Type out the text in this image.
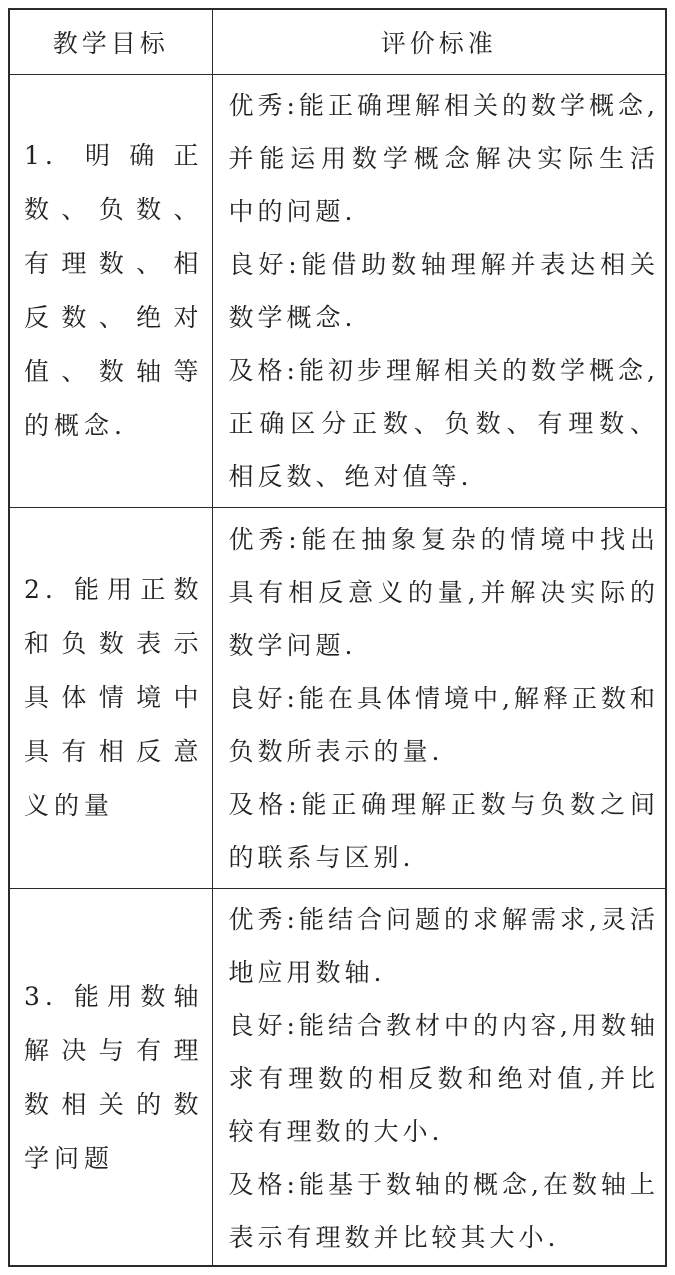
教学目标	评价标准
1. 明确正数、负数、有理数、相反数、绝对值、数轴等的概念.	优秀:能正确理解相关的数学概念,并能运用数学概念解决实际生活中的问题.

良好:能借助数轴理解并表达相关数学概念.

及格:能初步理解相关的数学概念,正确区分正数、负数、有理数、相反数、绝对值等.

2. 能用正数和负数表示具体情境中具有相反意义的量	优秀:能在抽象复杂的情境中找出具有相反意义的量,并解决实际的数学问题.

良好:能在具体情境中,解释正数和负数所表示的量.

及格:能正确理解正数与负数之间的联系与区别.

3. 能用数轴解决与有理数相关的数学问题	优秀:能结合问题的求解需求,灵活地应用数轴.

良好:能结合教材中的内容,用数轴求有理数的相反数和绝对值,并比较有理数的大小.

及格:能基于数轴的概念,在数轴上表示有理数并比较其大小.
